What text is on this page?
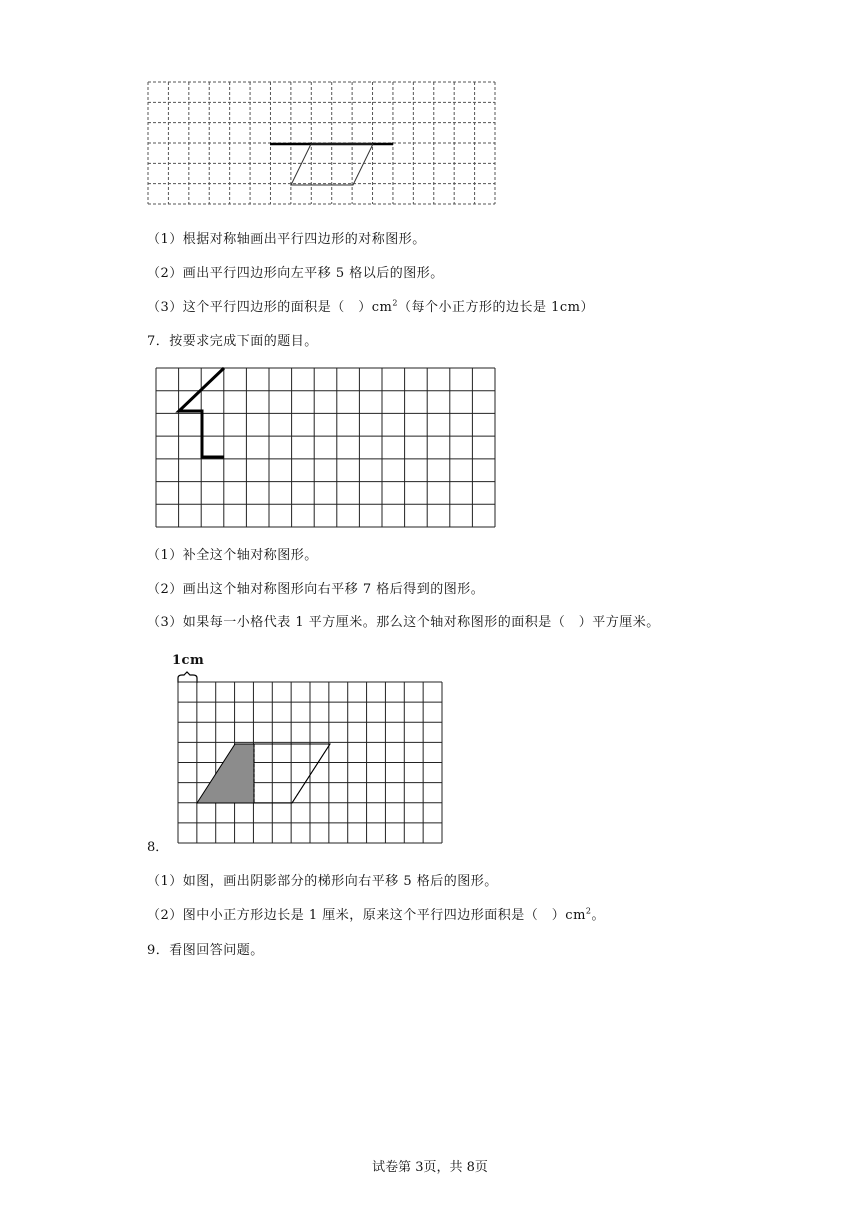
（1）根据对称轴画出平行四边形的对称图形。
（2）画出平行四边形向左平移 5 格以后的图形。
（3）这个平行四边形的面积是（　）$cm^2$（每个小正方形的边长是 1cm）
7．按要求完成下面的题目。
（1）补全这个轴对称图形。
（2）画出这个轴对称图形向右平移 7 格后得到的图形。
（3）如果每一小格代表 1 平方厘米。那么这个轴对称图形的面积是（　）平方厘米。
1cm
8．
（1）如图，画出阴影部分的梯形向右平移 5 格后的图形。
（2）图中小正方形边长是 1 厘米，原来这个平行四边形面积是（　）$cm^2$。
9．看图回答问题。
试卷第 3页，共 8页
